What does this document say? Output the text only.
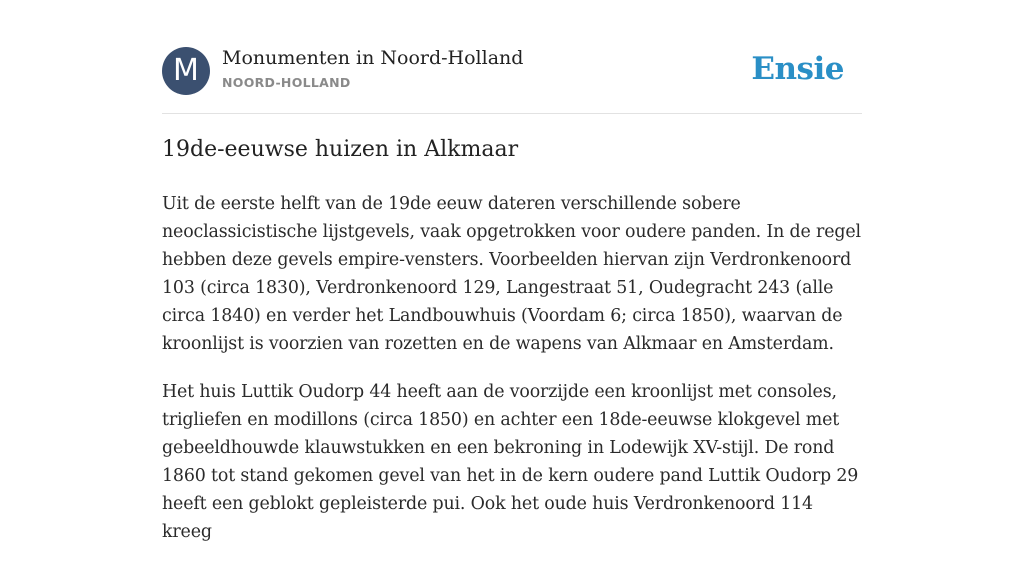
M	Monumenten in Noord-Holland
NOORD-HOLLAND	Ensie
19de-eeuwse huizen in Alkmaar

Uit de eerste helft van de 19de eeuw dateren verschillende sobere neoclassicistische lijstgevels, vaak opgetrokken voor oudere panden. In de regel hebben deze gevels empire-vensters. Voorbeelden hiervan zijn Verdronkenoord 103 (circa 1830), Verdronkenoord 129, Langestraat 51, Oudegracht 243 (alle circa 1840) en verder het Landbouwhuis (Voordam 6; circa 1850), waarvan de kroonlijst is voorzien van rozetten en de wapens van Alkmaar en Amsterdam.

Het huis Luttik Oudorp 44 heeft aan de voorzijde een kroonlijst met consoles, trigliefen en modillons (circa 1850) en achter een 18de-eeuwse klokgevel met gebeeldhouwde klauwstukken en een bekroning in Lodewijk XV-stijl. De rond 1860 tot stand gekomen gevel van het in de kern oudere pand Luttik Oudorp 29 heeft een geblokt gepleisterde pui. Ook het oude huis Verdronkenoord 114 kreeg
